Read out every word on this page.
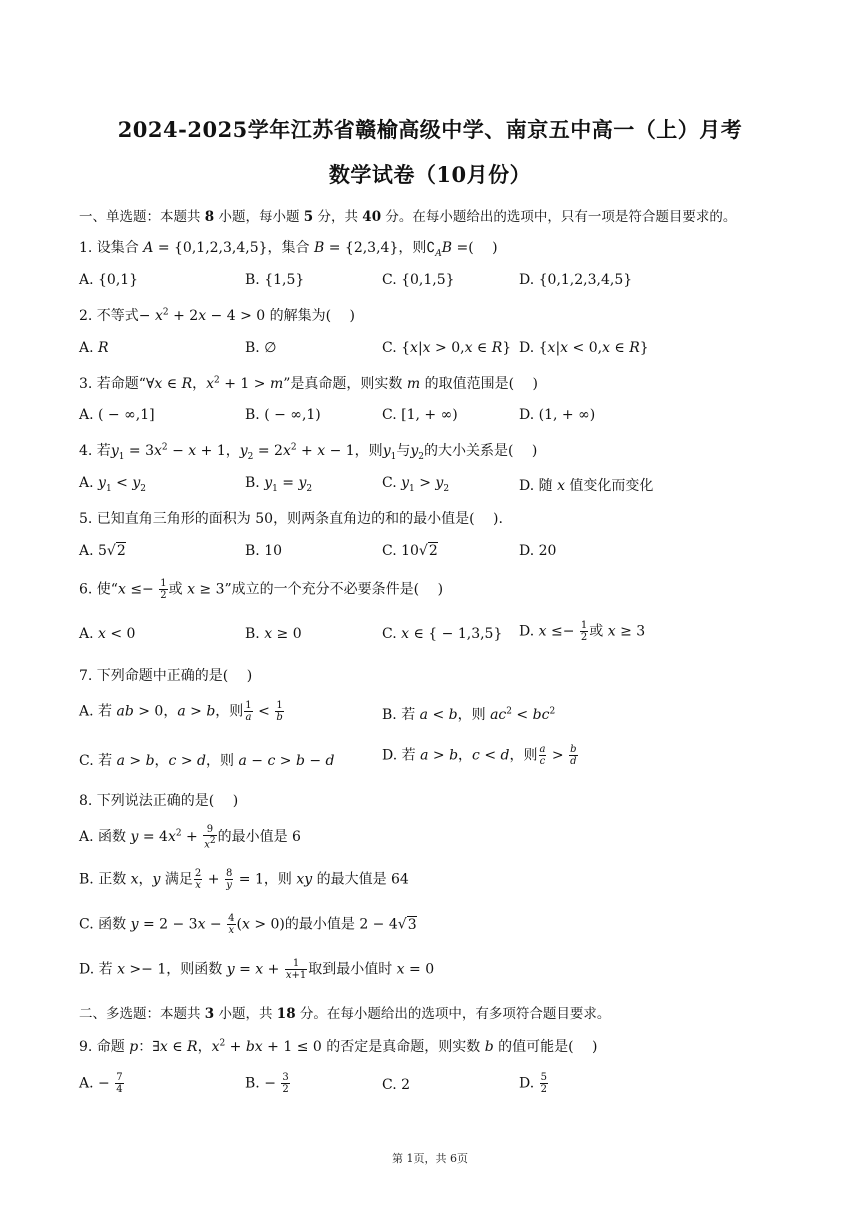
2024-2025学年江苏省赣榆高级中学、南京五中高一（上）月考
数学试卷（10月份）
一、单选题：本题共 8 小题，每小题 5 分，共 40 分。在每小题给出的选项中，只有一项是符合题目要求的。
1. 设集合 A = {0,1,2,3,4,5}，集合 B = {2,3,4}，则$∁_AB$ =(　 )
A. {0,1}	B. {1,5}	C. {0,1,5}	D. {0,1,2,3,4,5}
2. 不等式− $x^2 + 2x - 4 > 0$ 的解集为(　 )
A. R	B. ∅	C. {x|x > 0,x ∈ R} D. {x|x < 0,x ∈ R}
3. 若命题“∀x ∈ R，$x^2 + 1 > m$”是真命题，则实数 m 的取值范围是(　 )
A. ( − ∞,1]	B. ( − ∞,1)	C. [1, + ∞)	D. (1, + ∞)
4. 若$y_1 = 3x^2 - x + 1$，$y_2 = 2x^2 + x - 1$，则$y_1$与$y_2$的大小关系是(　 )
A. $y_1 < y_2$	B. $y_1 = y_2$	C. $y_1 > y_2$	D. 随 x 值变化而变化
5. 已知直角三角形的面积为 50，则两条直角边的和的最小值是(　 ).
A. 5√2	B. 10	C. 10√2	D. 20
6. 使“$x \le- \frac{1}{2}$ 或 x ≥ 3”成立的一个充分不必要条件是(　 )
A. x < 0	B. x ≥ 0	C. x ∈ { − 1,3,5} D. $x \le- \frac{1}{2}$ 或 x ≥ 3
7. 下列命题中正确的是(　 )
A. 若 ab > 0，a > b，则 $\frac{1}{a} < \frac{1}{b}$	B. 若 a < b，则 $ac^2 < bc^2$
C. 若 a > b，c > d，则 a − c > b − d	D. 若 a > b，c < d，则 $\frac{a}{c} > \frac{b}{d}$
8. 下列说法正确的是(　 )
A. 函数 $y = 4x^2 + \frac{9}{x^2}$ 的最小值是 6
B. 正数 x，y 满足 $\frac{2}{x} + \frac{8}{y} = 1$，则 xy 的最大值是 64
C. 函数 $y = 2 - 3x - \frac{4}{x} (x > 0)$的最小值是 2 − 4√3
D. 若 x >− 1，则函数 $y = x + \frac{1}{x+1}$ 取到最小值时 x = 0
二、多选题：本题共 3 小题，共 18 分。在每小题给出的选项中，有多项符合题目要求。
9. 命题 p：∃x ∈ R，$x^2$ + bx + 1 ≤ 0 的否定是真命题，则实数 b 的值可能是(　 )
A. − $\frac{7}{4}$	B. − $\frac{3}{2}$	C. 2	D. $\frac{5}{2}$
第 1页，共 6页
